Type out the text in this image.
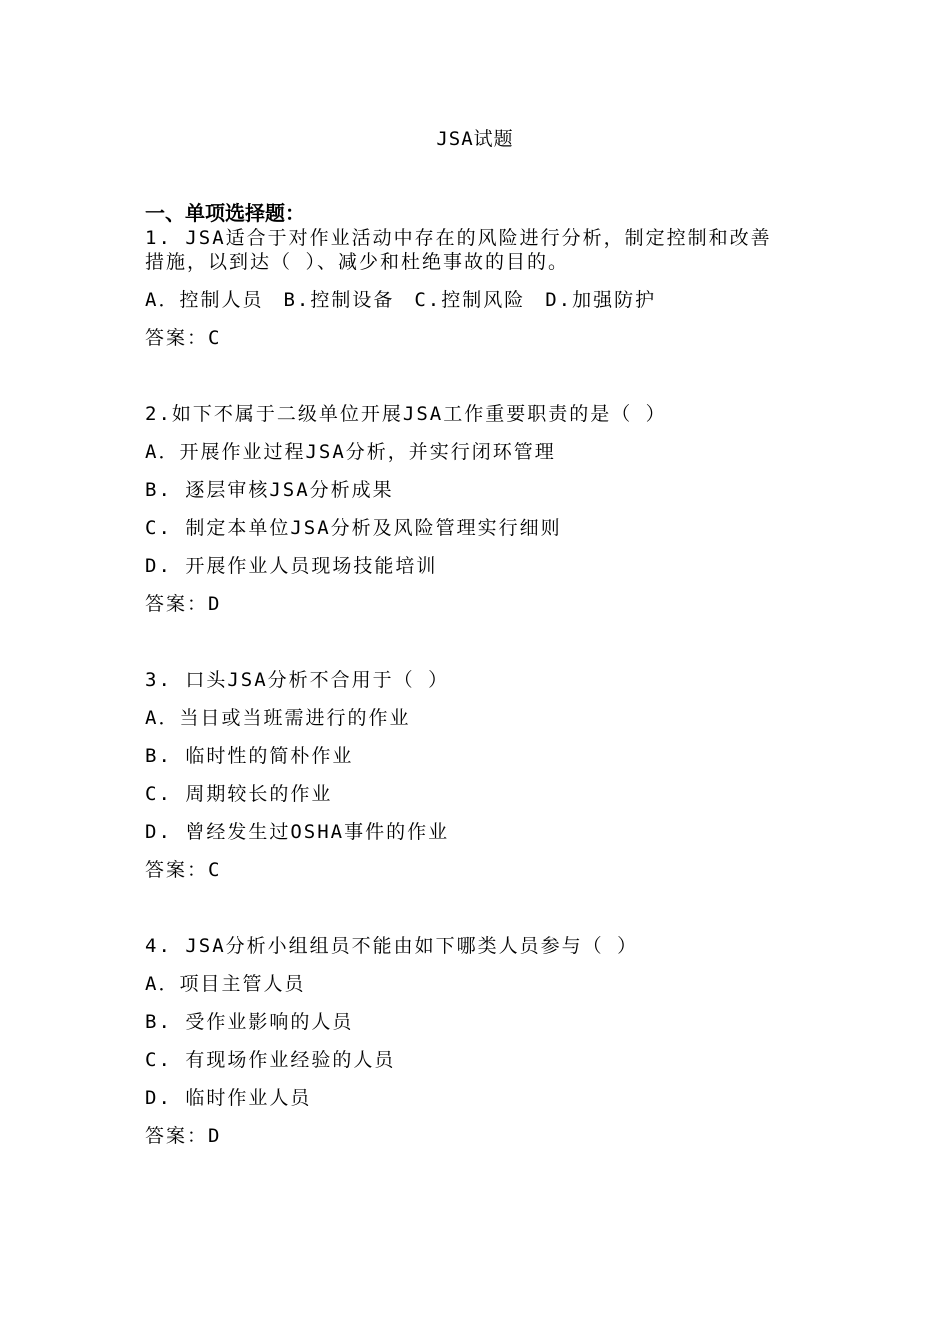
JSA试题

一、单项选择题：

1. JSA适合于对作业活动中存在的风险进行分析，制定控制和改善

措施，以到达（ ）、减少和杜绝事故的目的。

A．控制人员 B.控制设备 C.控制风险 D.加强防护

答案：C

2.如下不属于二级单位开展JSA工作重要职责的是（ ）

A．开展作业过程JSA分析，并实行闭环管理

B. 逐层审核JSA分析成果

C. 制定本单位JSA分析及风险管理实行细则

D. 开展作业人员现场技能培训

答案：D

3. 口头JSA分析不合用于（ ）

A．当日或当班需进行的作业

B. 临时性的简朴作业

C. 周期较长的作业

D. 曾经发生过OSHA事件的作业

答案：C

4. JSA分析小组组员不能由如下哪类人员参与（ ）

A．项目主管人员

B. 受作业影响的人员

C. 有现场作业经验的人员

D. 临时作业人员

答案：D
